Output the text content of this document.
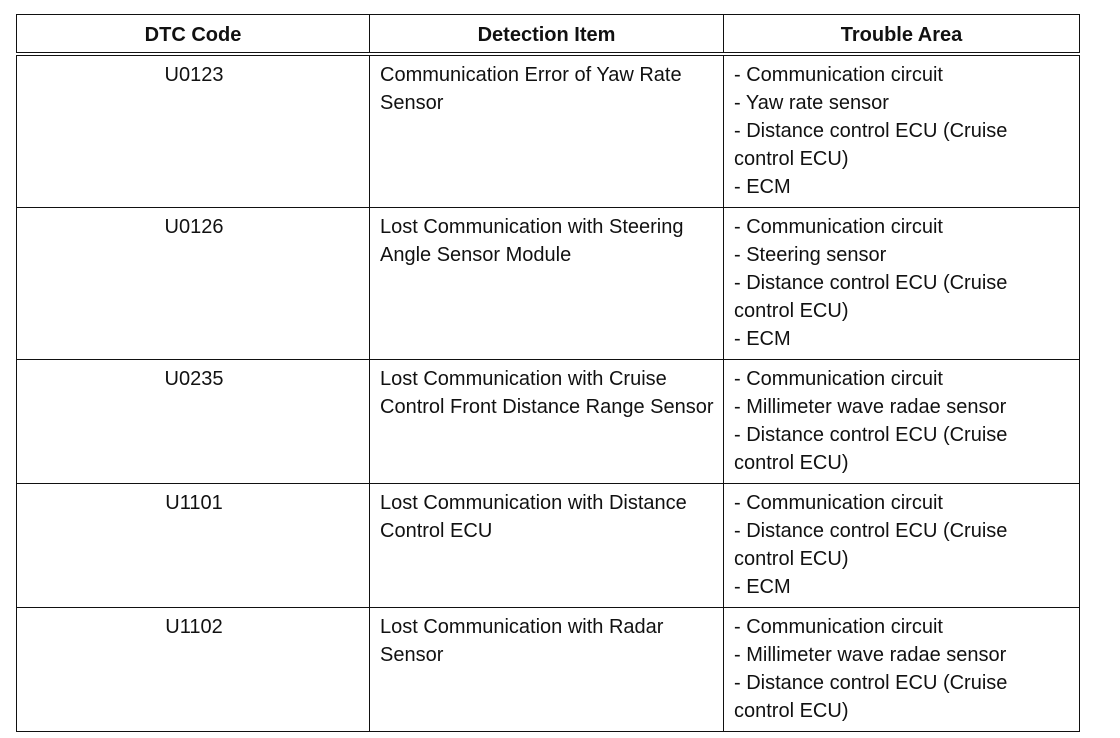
DTC Code	Detection Item	Trouble Area
U0123	Communication Error of Yaw Rate Sensor	- Communication circuit
- Yaw rate sensor
- Distance control ECU (Cruise control ECU)
- ECM

U0126	Lost Communication with Steering Angle Sensor Module	- Communication circuit
- Steering sensor
- Distance control ECU (Cruise control ECU)
- ECM

U0235	Lost Communication with Cruise Control Front Distance Range Sensor	- Communication circuit
- Millimeter wave radae sensor
- Distance control ECU (Cruise control ECU)

U1101	Lost Communication with Distance Control ECU	- Communication circuit
- Distance control ECU (Cruise control ECU)
- ECM

U1102	Lost Communication with Radar Sensor	- Communication circuit
- Millimeter wave radae sensor
- Distance control ECU (Cruise control ECU)
